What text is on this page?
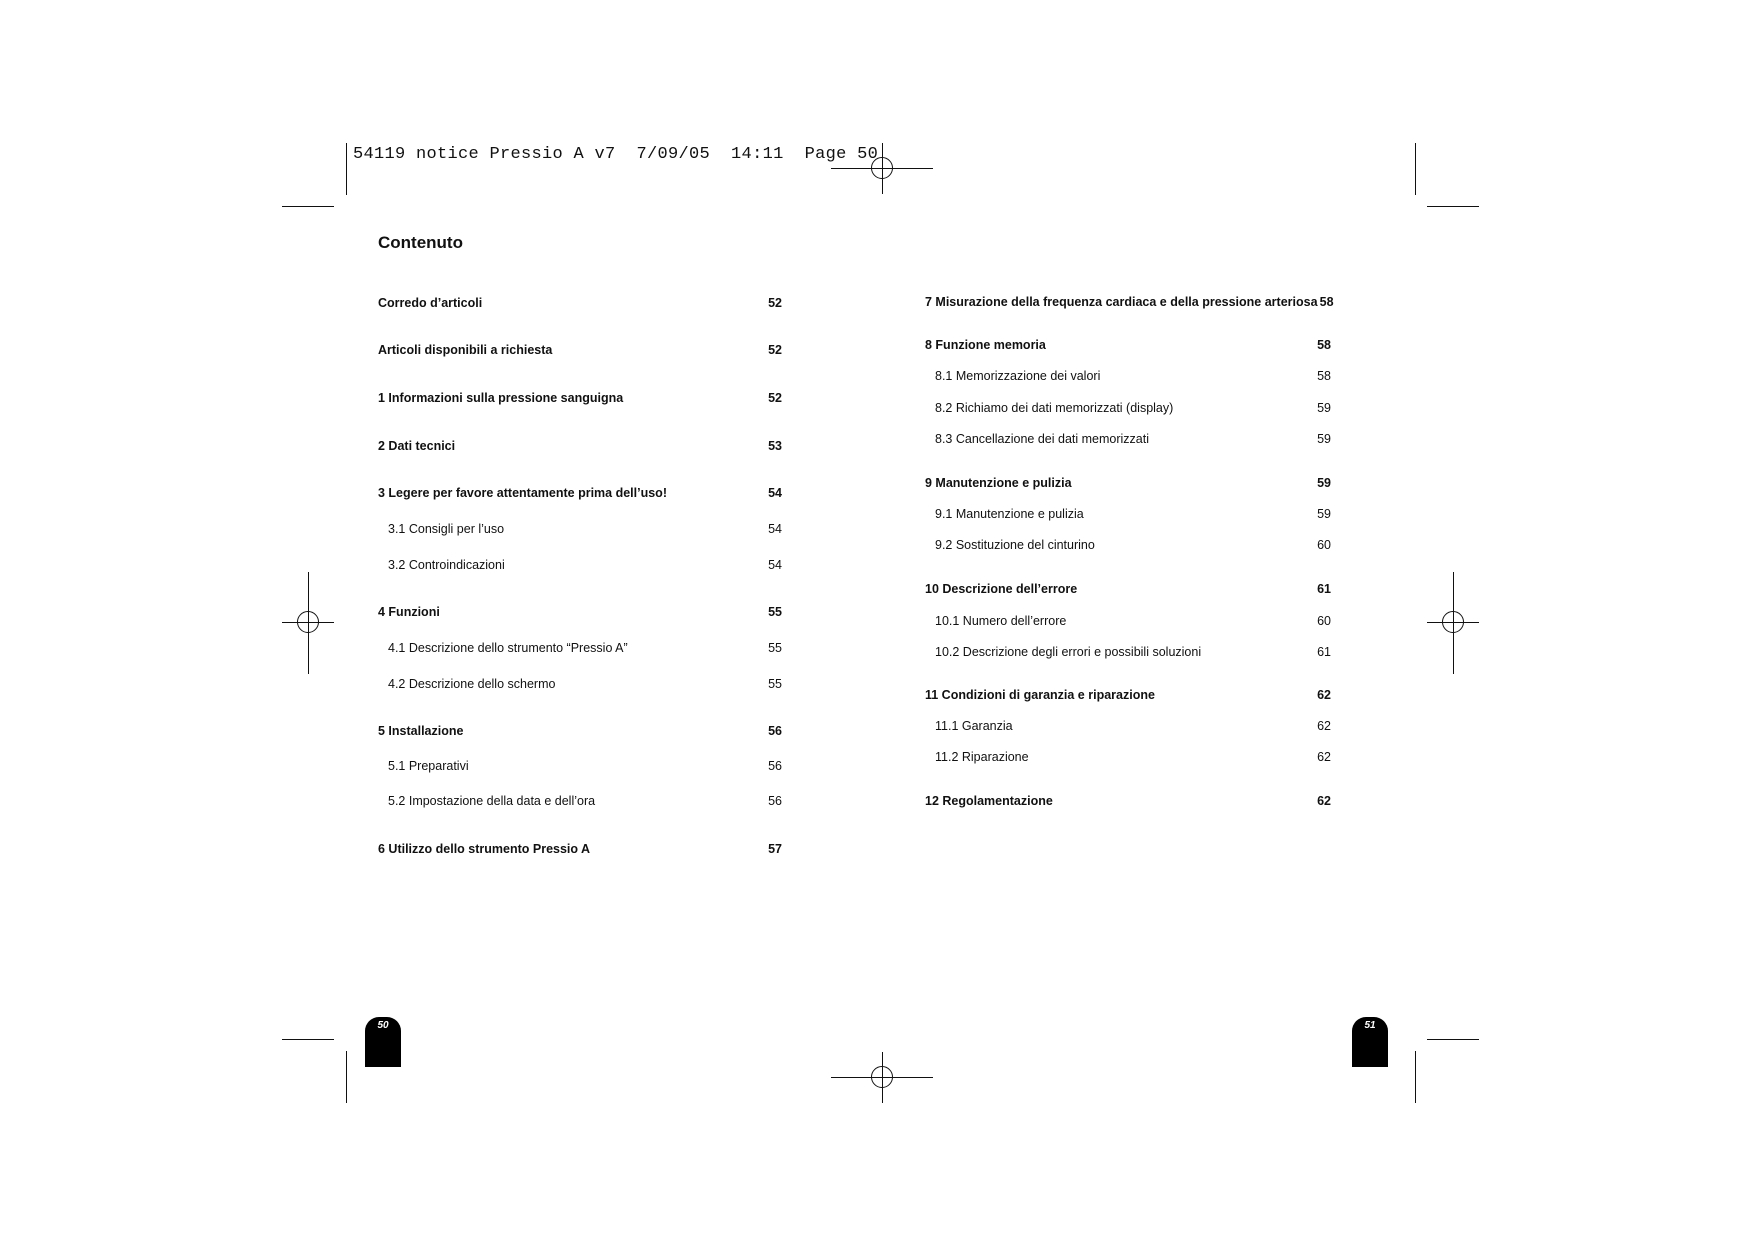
54119 notice Pressio A v7  7/09/05  14:11  Page 50
Contenuto
Corredo d’articoli	52
Articoli disponibili a richiesta	52
1 Informazioni sulla pressione sanguigna	52
2 Dati tecnici	53
3 Legere per favore attentamente prima dell’uso!	54
3.1 Consigli per l’uso	54
3.2 Controindicazioni	54
4 Funzioni	55
4.1 Descrizione dello strumento “Pressio A”	55
4.2 Descrizione dello schermo	55
5 Installazione	56
5.1 Preparativi	56
5.2 Impostazione della data e dell’ora	56
6 Utilizzo dello strumento Pressio A	57
7 Misurazione della frequenza cardiaca e della pressione arteriosa 58
8 Funzione memoria	58
8.1 Memorizzazione dei valori	58
8.2 Richiamo dei dati memorizzati (display)	59
8.3 Cancellazione dei dati memorizzati	59
9 Manutenzione e pulizia	59
9.1 Manutenzione e pulizia	59
9.2 Sostituzione del cinturino	60
10 Descrizione dell’errore	61
10.1 Numero dell’errore	60
10.2 Descrizione degli errori e possibili soluzioni	61
11 Condizioni di garanzia e riparazione	62
11.1 Garanzia	62
11.2 Riparazione	62
12 Regolamentazione	62
50	51
